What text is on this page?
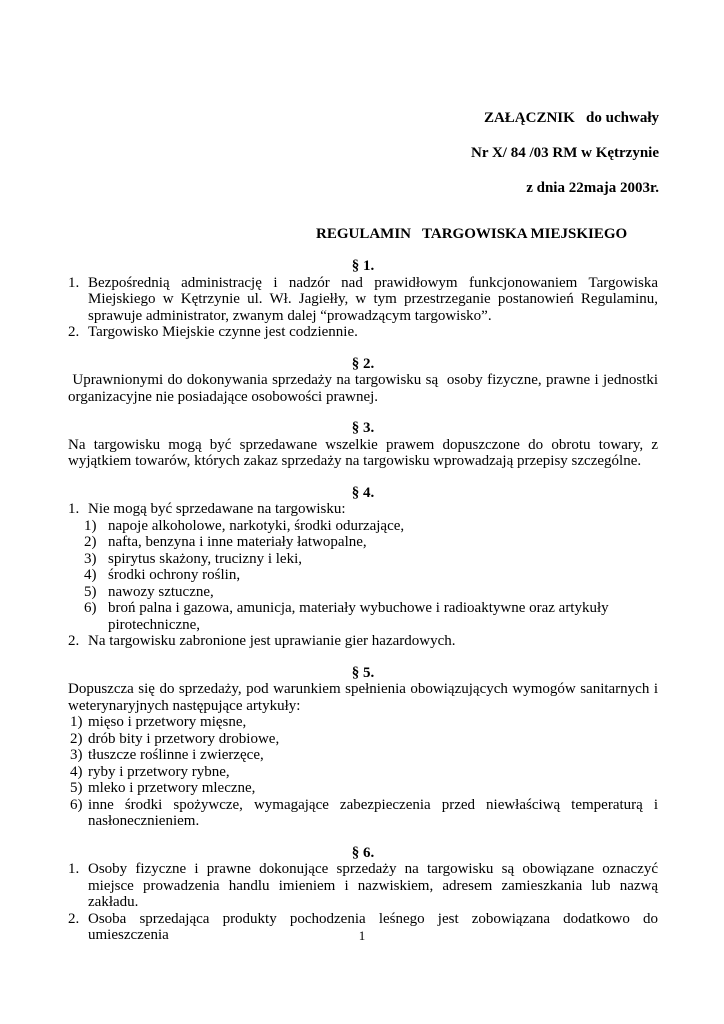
ZAŁĄCZNIK   do uchwały
Nr X/ 84 /03 RM w Kętrzynie
z dnia 22maja 2003r.
REGULAMIN   TARGOWISKA MIEJSKIEGO
§ 1.
1. Bezpośrednią administrację i nadzór nad prawidłowym funkcjonowaniem Targowiska Miejskiego w Kętrzynie ul. Wł. Jagiełły, w tym przestrzeganie postanowień Regulaminu, sprawuje administrator, zwanym dalej “prowadzącym targowisko”.
2. Targowisko Miejskie czynne jest codziennie.
§ 2.

Uprawnionymi do dokonywania sprzedaży na targowisku są  osoby fizyczne, prawne i jednostki organizacyjne nie posiadające osobowości prawnej.

§ 3.

Na targowisku mogą być sprzedawane wszelkie prawem dopuszczone do obrotu towary, z wyjątkiem towarów, których zakaz sprzedaży na targowisku wprowadzają przepisy szczególne.

§ 4.
1. Nie mogą być sprzedawane na targowisku:
1) napoje alkoholowe, narkotyki, środki odurzające,
2) nafta, benzyna i inne materiały łatwopalne,
3) spirytus skażony, trucizny i leki,
4) środki ochrony roślin,
5) nawozy sztuczne,
6) broń palna i gazowa, amunicja, materiały wybuchowe i radioaktywne oraz artykuły pirotechniczne,
2. Na targowisku zabronione jest uprawianie gier hazardowych.
§ 5.

Dopuszcza się do sprzedaży, pod warunkiem spełnienia obowiązujących wymogów sanitarnych i weterynaryjnych następujące artykuły:

1) mięso i przetwory mięsne,
2) drób bity i przetwory drobiowe,
3) tłuszcze roślinne i zwierzęce,
4) ryby i przetwory rybne,
5) mleko i przetwory mleczne,
6) inne środki spożywcze, wymagające zabezpieczenia przed niewłaściwą temperaturą i nasłonecznieniem.
§ 6.
1. Osoby fizyczne i prawne dokonujące sprzedaży na targowisku są obowiązane oznaczyć miejsce prowadzenia handlu imieniem i nazwiskiem, adresem zamieszkania lub nazwą zakładu.
2. Osoba sprzedająca produkty pochodzenia leśnego jest zobowiązana dodatkowo do umieszczenia	1
